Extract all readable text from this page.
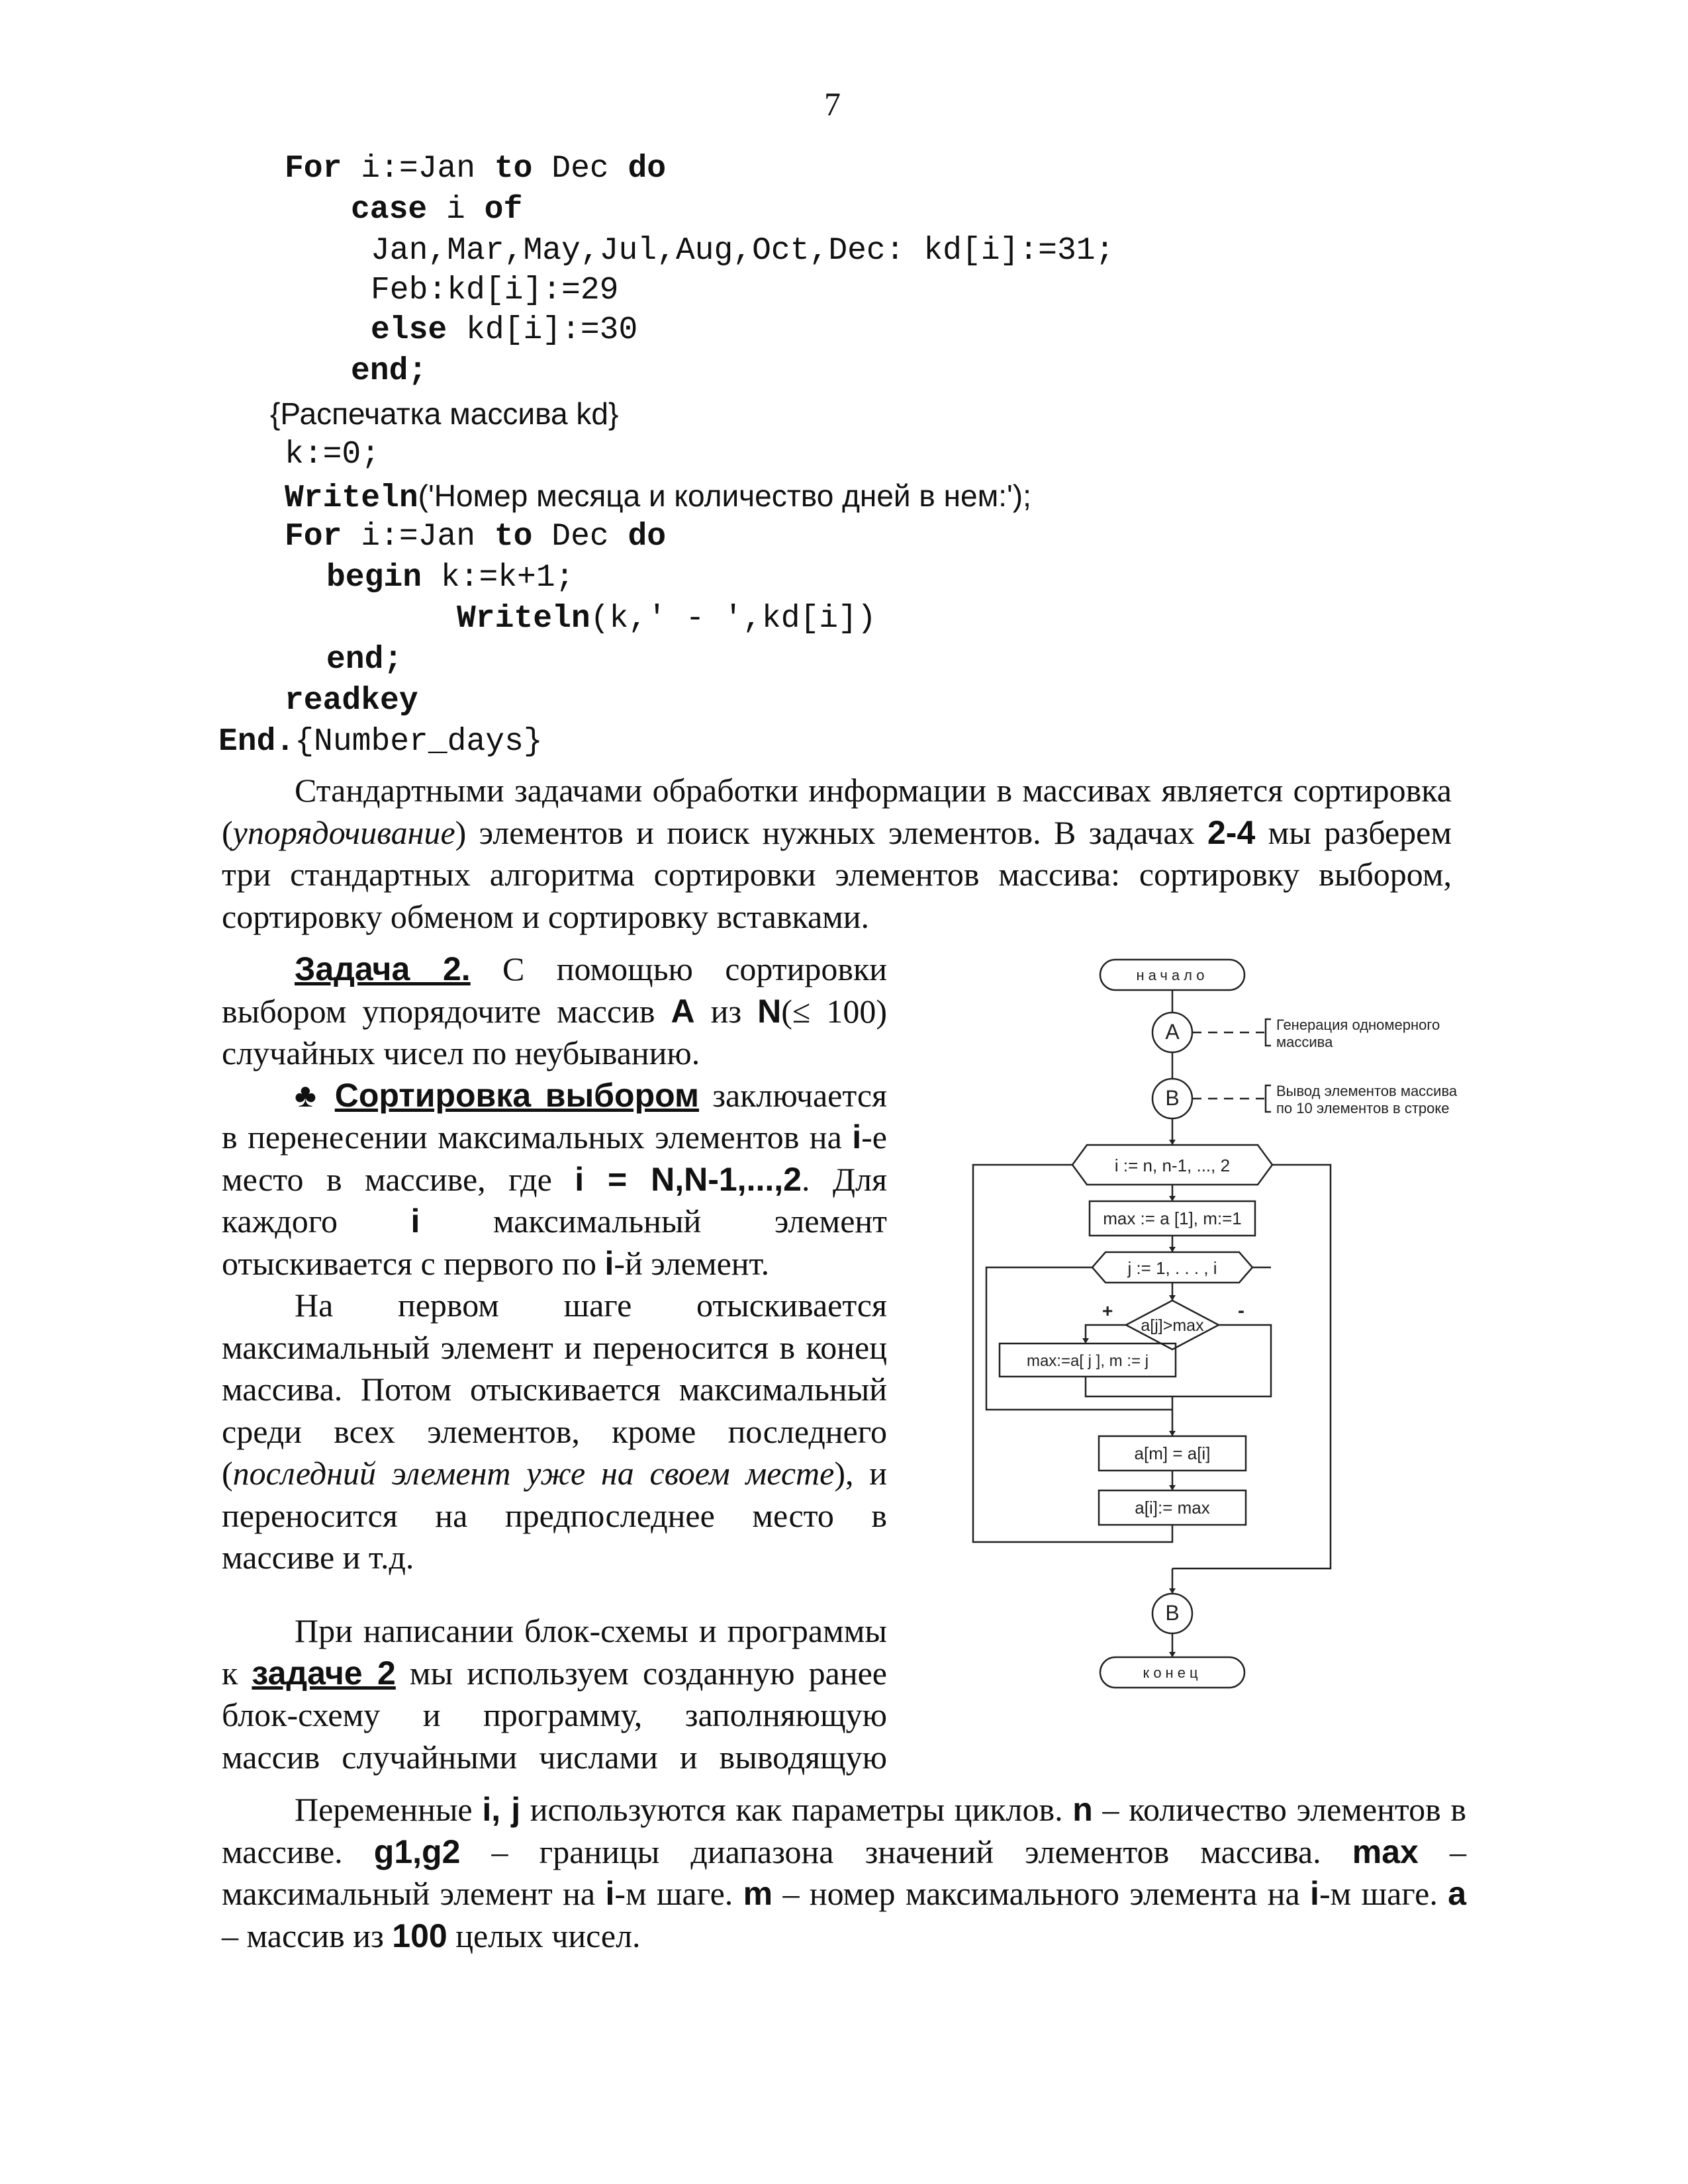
7
For i:=Jan to Dec do
case i of
Jan,Mar,May,Jul,Aug,Oct,Dec: kd[i]:=31;
Feb:kd[i]:=29
else kd[i]:=30
end;
{Распечатка массива kd}
k:=0;
Writeln('Номер месяца и количество дней в нем:');
For i:=Jan to Dec do
begin k:=k+1;
Writeln(k,' - ',kd[i])
end;
readkey
End.{Number_days}
Стандартными задачами обработки информации в массивах является сортировка (упорядочивание) элементов и поиск нужных элементов. В задачах 2-4 мы разберем три стандартных алгоритма сортировки элементов массива: сортировку выбором, сортировку обменом и сортировку вставками.

Задача 2. С помощью сортировки выбором упорядочите массив A из N(≤ 100) случайных чисел по неубыванию.

♣ Сортировка выбором заключается в перенесении максимальных элементов на i-е место в массиве, где i = N,N-1,...,2. Для каждого i максимальный элемент отыскивается с первого по i-й элемент.

На первом шаге отыскивается максимальный элемент и переносится в конец массива. Потом отыскивается максимальный среди всех элементов, кроме последнего (последний элемент уже на своем месте), и переносится на предпоследнее место в массиве и т.д.

При написании блок-схемы и программы к задаче 2 мы используем созданную ранее блок-схему и программу, заполняющую массив случайными числами и выводящую

Переменные i, j используются как параметры циклов. n – количество элементов в массиве. g1,g2 – границы диапазона значений элементов массива. max – максимальный элемент на i-м шаге. m – номер максимального элемента на i-м шаге. a – массив из 100 целых чисел.

начало
A	Генерация одномерного
массива
B	Вывод элементов массива
по 10 элементов в строке
i := n, n-1, ..., 2
max := a [1], m:=1
j := 1, . . . , i
a[j]>max
+	-
max:=a[ j ], m := j
a[m] = a[i]
a[i]:= max
B
конец
